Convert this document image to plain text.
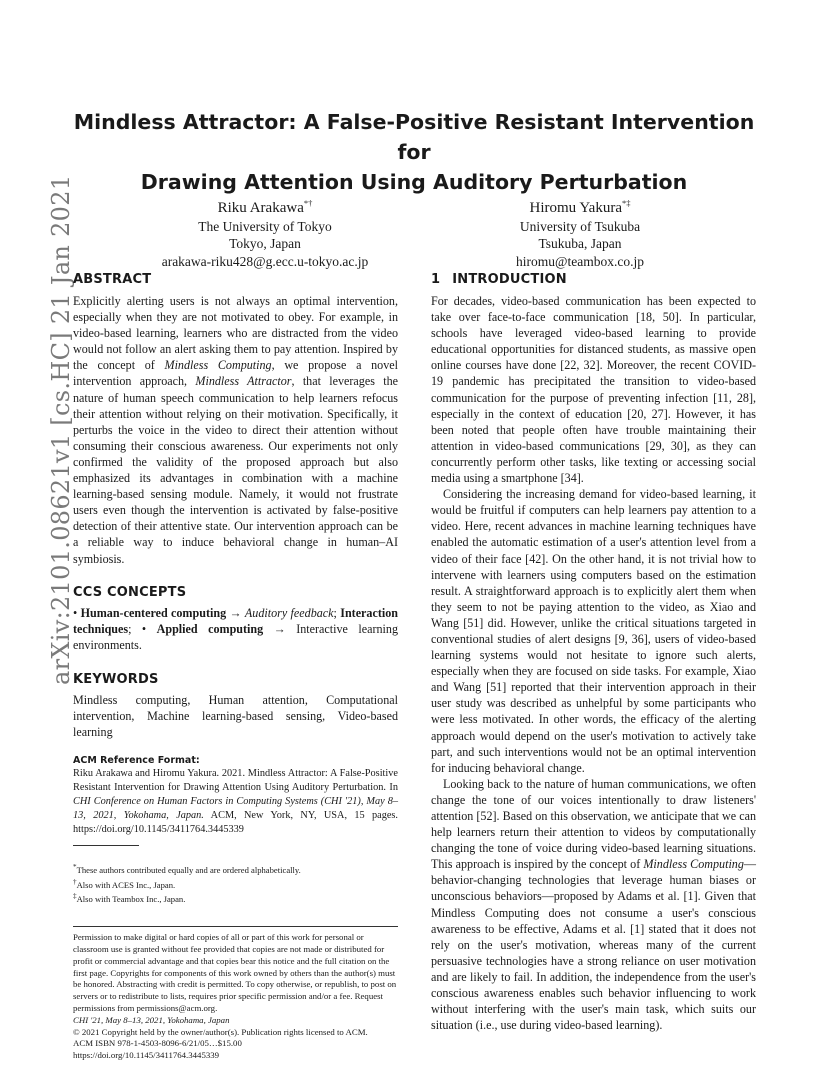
arXiv:2101.08621v1 [cs.HC] 21 Jan 2021
Mindless Attractor: A False-Positive Resistant Intervention for
Drawing Attention Using Auditory Perturbation
Riku Arakawa*†
The University of Tokyo
Tokyo, Japan
arakawa-riku428@g.ecc.u-tokyo.ac.jp
Hiromu Yakura*‡
University of Tsukuba
Tsukuba, Japan
hiromu@teambox.co.jp
ABSTRACT

Explicitly alerting users is not always an optimal intervention, especially when they are not motivated to obey. For example, in video-based learning, learners who are distracted from the video would not follow an alert asking them to pay attention. Inspired by the concept of Mindless Computing, we propose a novel intervention approach, Mindless Attractor, that leverages the nature of human speech communication to help learners refocus their attention without relying on their motivation. Specifically, it perturbs the voice in the video to direct their attention without consuming their conscious awareness. Our experiments not only confirmed the validity of the proposed approach but also emphasized its advantages in combination with a machine learning-based sensing module. Namely, it would not frustrate users even though the intervention is activated by false-positive detection of their attentive state. Our intervention approach can be a reliable way to induce behavioral change in human–AI symbiosis.

CCS CONCEPTS

• Human-centered computing → Auditory feedback; Interaction techniques; • Applied computing → Interactive learning environments.

KEYWORDS

Mindless computing, Human attention, Computational intervention, Machine learning-based sensing, Video-based learning

ACM Reference Format:

Riku Arakawa and Hiromu Yakura. 2021. Mindless Attractor: A False-Positive Resistant Intervention for Drawing Attention Using Auditory Perturbation. In CHI Conference on Human Factors in Computing Systems (CHI '21), May 8–13, 2021, Yokohama, Japan. ACM, New York, NY, USA, 15 pages. https://doi.org/10.1145/3411764.3445339

*These authors contributed equally and are ordered alphabetically.

†Also with ACES Inc., Japan.

‡Also with Teambox Inc., Japan.

Permission to make digital or hard copies of all or part of this work for personal or classroom use is granted without fee provided that copies are not made or distributed for profit or commercial advantage and that copies bear this notice and the full citation on the first page. Copyrights for components of this work owned by others than the author(s) must be honored. Abstracting with credit is permitted. To copy otherwise, or republish, to post on servers or to redistribute to lists, requires prior specific permission and/or a fee. Request permissions from permissions@acm.org.
CHI '21, May 8–13, 2021, Yokohama, Japan
© 2021 Copyright held by the owner/author(s). Publication rights licensed to ACM.
ACM ISBN 978-1-4503-8096-6/21/05…$15.00
https://doi.org/10.1145/3411764.3445339

1 INTRODUCTION

For decades, video-based communication has been expected to take over face-to-face communication [18, 50]. In particular, schools have leveraged video-based learning to provide educational opportunities for distanced students, as massive open online courses have done [22, 32]. Moreover, the recent COVID-19 pandemic has precipitated the transition to video-based communication for the purpose of preventing infection [11, 28], especially in the context of education [20, 27]. However, it has been noted that people often have trouble maintaining their attention in video-based communications [29, 30], as they can concurrently perform other tasks, like texting or accessing social media using a smartphone [34].

Considering the increasing demand for video-based learning, it would be fruitful if computers can help learners pay attention to a video. Here, recent advances in machine learning techniques have enabled the automatic estimation of a user's attention level from a video of their face [42]. On the other hand, it is not trivial how to intervene with learners using computers based on the estimation result. A straightforward approach is to explicitly alert them when they seem to not be paying attention to the video, as Xiao and Wang [51] did. However, unlike the critical situations targeted in conventional studies of alert designs [9, 36], users of video-based learning systems would not hesitate to ignore such alerts, especially when they are focused on side tasks. For example, Xiao and Wang [51] reported that their intervention approach in their user study was described as unhelpful by some participants who were less motivated. In other words, the efficacy of the alerting approach would depend on the user's motivation to actively take part, and such interventions would not be an optimal intervention for inducing behavioral change.

Looking back to the nature of human communications, we often change the tone of our voices intentionally to draw listeners' attention [52]. Based on this observation, we anticipate that we can help learners return their attention to videos by computationally changing the tone of voice during video-based learning situations. This approach is inspired by the concept of Mindless Computing—behavior-changing technologies that leverage human biases or unconscious behaviors—proposed by Adams et al. [1]. Given that Mindless Computing does not consume a user's conscious awareness to be effective, Adams et al. [1] stated that it does not rely on the user's motivation, whereas many of the current persuasive technologies have a strong reliance on user motivation and are likely to fail. In addition, the independence from the user's conscious awareness enables such behavior influencing to work without interfering with the user's main task, which suits our situation (i.e., use during video-based learning).
